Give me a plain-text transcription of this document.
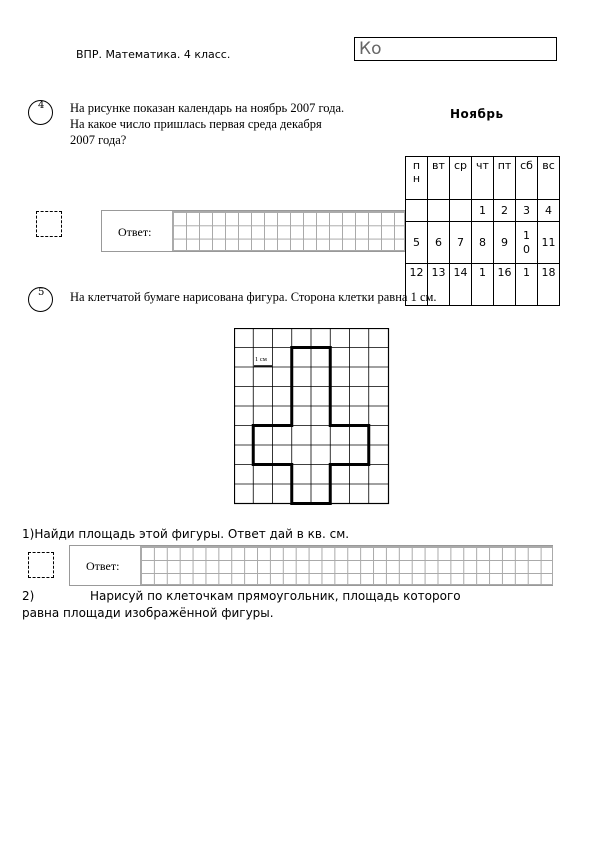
ВПР. Математика. 4 класс.	Ко
4 На рисунке показан календарь на ноябрь 2007 года.
На какое число пришлась первая среда декабря
2007 года?
Ноябрь
пн	вт	ср	чт	пт	сб	вс
			1	2	3	4
5	6	7	8	9	10	11
12	13	14	1	16	1	18
Ответ:
5 На клетчатой бумаге нарисована фигура. Сторона клетки равна 1 см.
1 см
1)Найди площадь этой фигуры. Ответ дай в кв. см.
Ответ:
2)	Нарисуй по клеточкам прямоугольник, площадь которого
равна площади изображённой фигуры.
